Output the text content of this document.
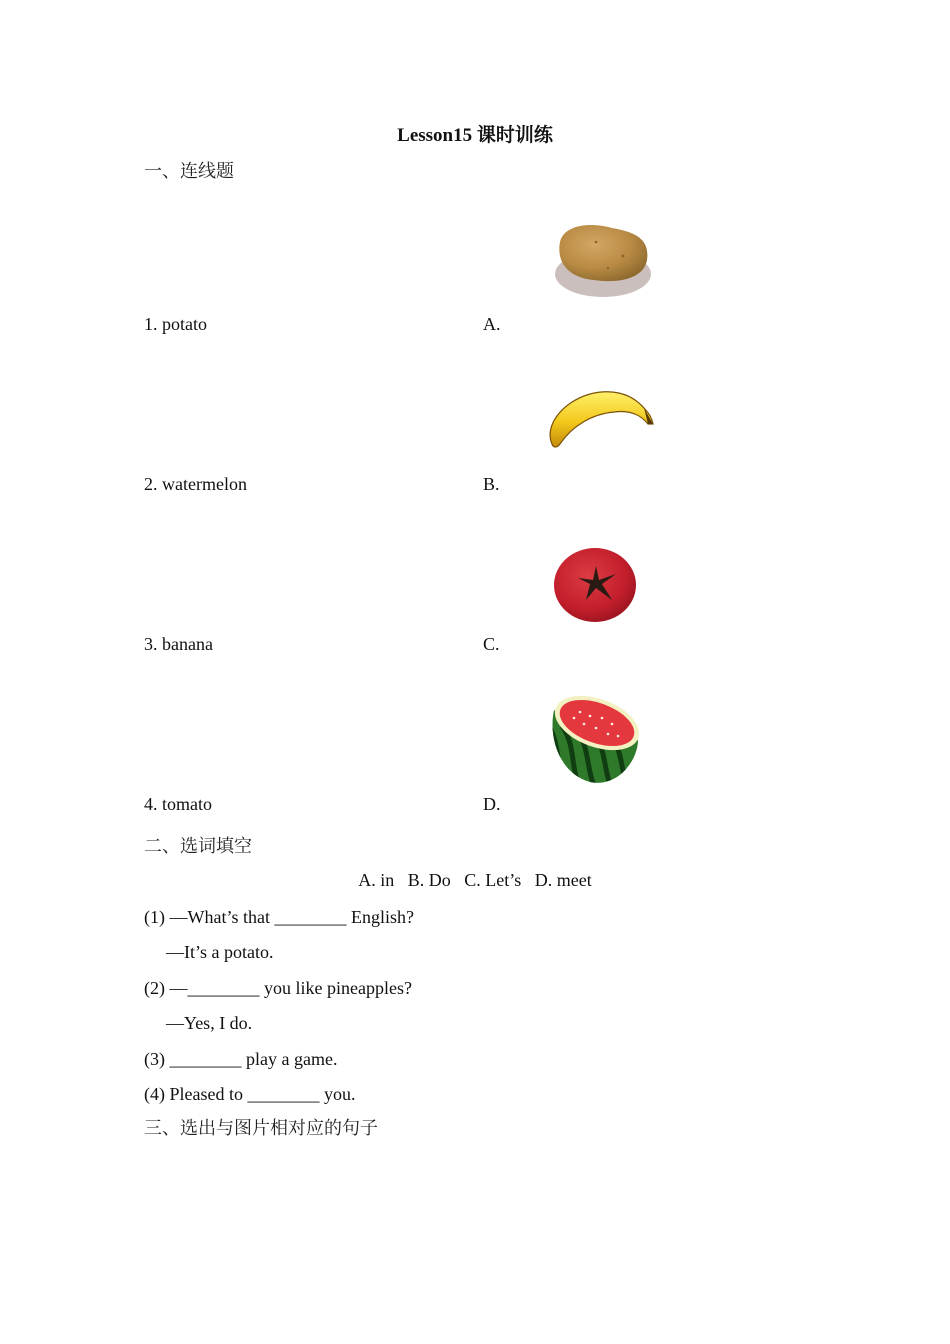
Lesson15 课时训练
一、连线题
1. potato
2. watermelon
3. banana
4. tomato
A.
B.
C.
D.
二、选词填空
A. in   B. Do   C. Let’s   D. meet
(1) —What’s that ________ English?
—It’s a potato.
(2) —________ you like pineapples?
—Yes, I do.
(3) ________ play a game.
(4) Pleased to ________ you.
三、选出与图片相对应的句子
